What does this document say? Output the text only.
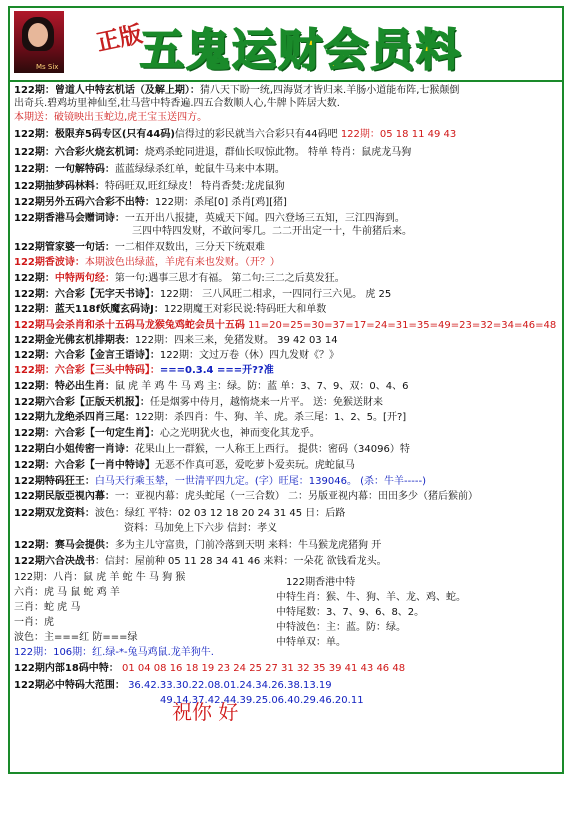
Ms Six
正版
五鬼运财会员料
122期：曾道人中特玄机话（及解上期）：猜八天下盼一统,四海贤才皆归来.羊肠小道能布阵,七猴颠倒
出奇兵.碧鸡坊里神仙至,壮马营中特香遍.四五合数顺人心,牛牌卜阵居大数.
本期送：破镜映出玉蛇边,虎王宝玉送四方。
122期：极限弃5码专区(只有44码)信得过的彩民就当六合彩只有44码吧 122期：05 18 11 49 43
122期：六合彩火烧玄机词：烧鸡杀蛇同进退，群仙长叹惊此物。 特单 特肖：鼠虎龙马狗
122期：一句解特码：蓝蓝绿绿杀红单，蛇鼠牛马来中本期。
122期抽梦码林料：特码旺双,旺红绿皮！ 特肖香焚:龙虎鼠狗
122期另外五码六合彩不出特：122期：杀尾[0] 杀肖[鸡][猪]
122期香港马会赠词诗：一五开出八报捷，英威天下闻。四六登场三五知，三江四海到。
三四中特四发财，不敢问零几。二二开出定一十，牛前猪后来。
122期管家婆一句话：一二相伴双数出，三分天下统艰难
122期香波诗：本期波色出绿蓝，羊虎有来也发财。（开？）
122期：中特两句经：第一句:遇事三思才有福。 第二句:三二之后莫发狂。
122期：六合彩【无字天书诗】：122期： 三八风旺二相求，一四同行三六见。 虎 25
122期：蓝天118f妖魔玄码诗J：122期魔王对彩民说:特码旺大和单数
122期马会杀肖和杀十五码马龙猴兔鸡蛇会员十五码 11=20=25=30=37=17=24=31=35=49=23=32=34=46=48
122期金光佛玄机排期表：122期：四来三来，免猪发财。 39 42 03 14
122期：六合彩【金言王语诗】：122期：文过万卷（休）四九发财《？》
122期：六合彩【三头中特码】：===0.3.4 ===开??准
122期：特必出生肖：鼠 虎 羊 鸡 牛 马 鸡 主：绿。防：蓝 单：3、7、9、双：0、4、6
122期六合彩【正版天机报】：任是烟雾中侍月，越惰烧来一片平。 送：免猴送財来
122期九龙绝杀四肖三尾：122期：杀四肖：牛、狗、羊、虎。杀三尾：1、2、5。[开?]
122期：六合彩【一句定生肖】：心之光明犹火也，神而变化其龙乎。
122期白小姐传密一肖诗：花果山上一群猴，一人称王上西行。 提供：密码（34096）特
122期：六合彩【一肖中特诗】无恶不作真可恶，爱吃萝卜爱卖玩。虎蛇鼠马
122期特码狂王：白马天行乘玉辇，一世清平四九定。(字）旺尾：139046。 (杀：牛羊-----)
122期民版亞視內幕：一：亚视内幕：虎头蛇尾（一三合数） 二：另版亚视内幕：田田多少（猪后猴前）
122期双龙资料：波色：绿红 平特：02 03 12 18 20 24 31 45 日：后路
资料：马加免上下六步 信封：孝义
122期：赛马会提供：多为主儿守富贵，门前冷落到天明 来料：牛马猴龙虎猪狗 开
122期六合决战书：信封：屋前种 05 11 28 34 41 46 来料：一朵花 欲钱看龙头。
122期：八肖：鼠 虎 羊 蛇 牛 马 狗 猴
六肖：虎 马 鼠 蛇 鸡 羊
三肖：蛇 虎 马
一肖：虎
波色：主===红 防===绿
122期：106期：红.绿-*-兔马鸡鼠.龙羊狗牛.
122期香港中特
中特生肖：猴、牛、狗、羊、龙、鸡、蛇。
中特尾数：3、7、9、6、8、2。
中特波色：主：蓝。防：绿。
中特单双：单。
122期内部18码中特： 01 04 08 16 18 19 23 24 25 27 31 32 35 39 41 43 46 48
122期必中特码大范围： 36.42.33.30.22.08.01.24.34.26.38.13.19
49.14.37.42.44.39.25.06.40.29.46.20.11
祝你 好
